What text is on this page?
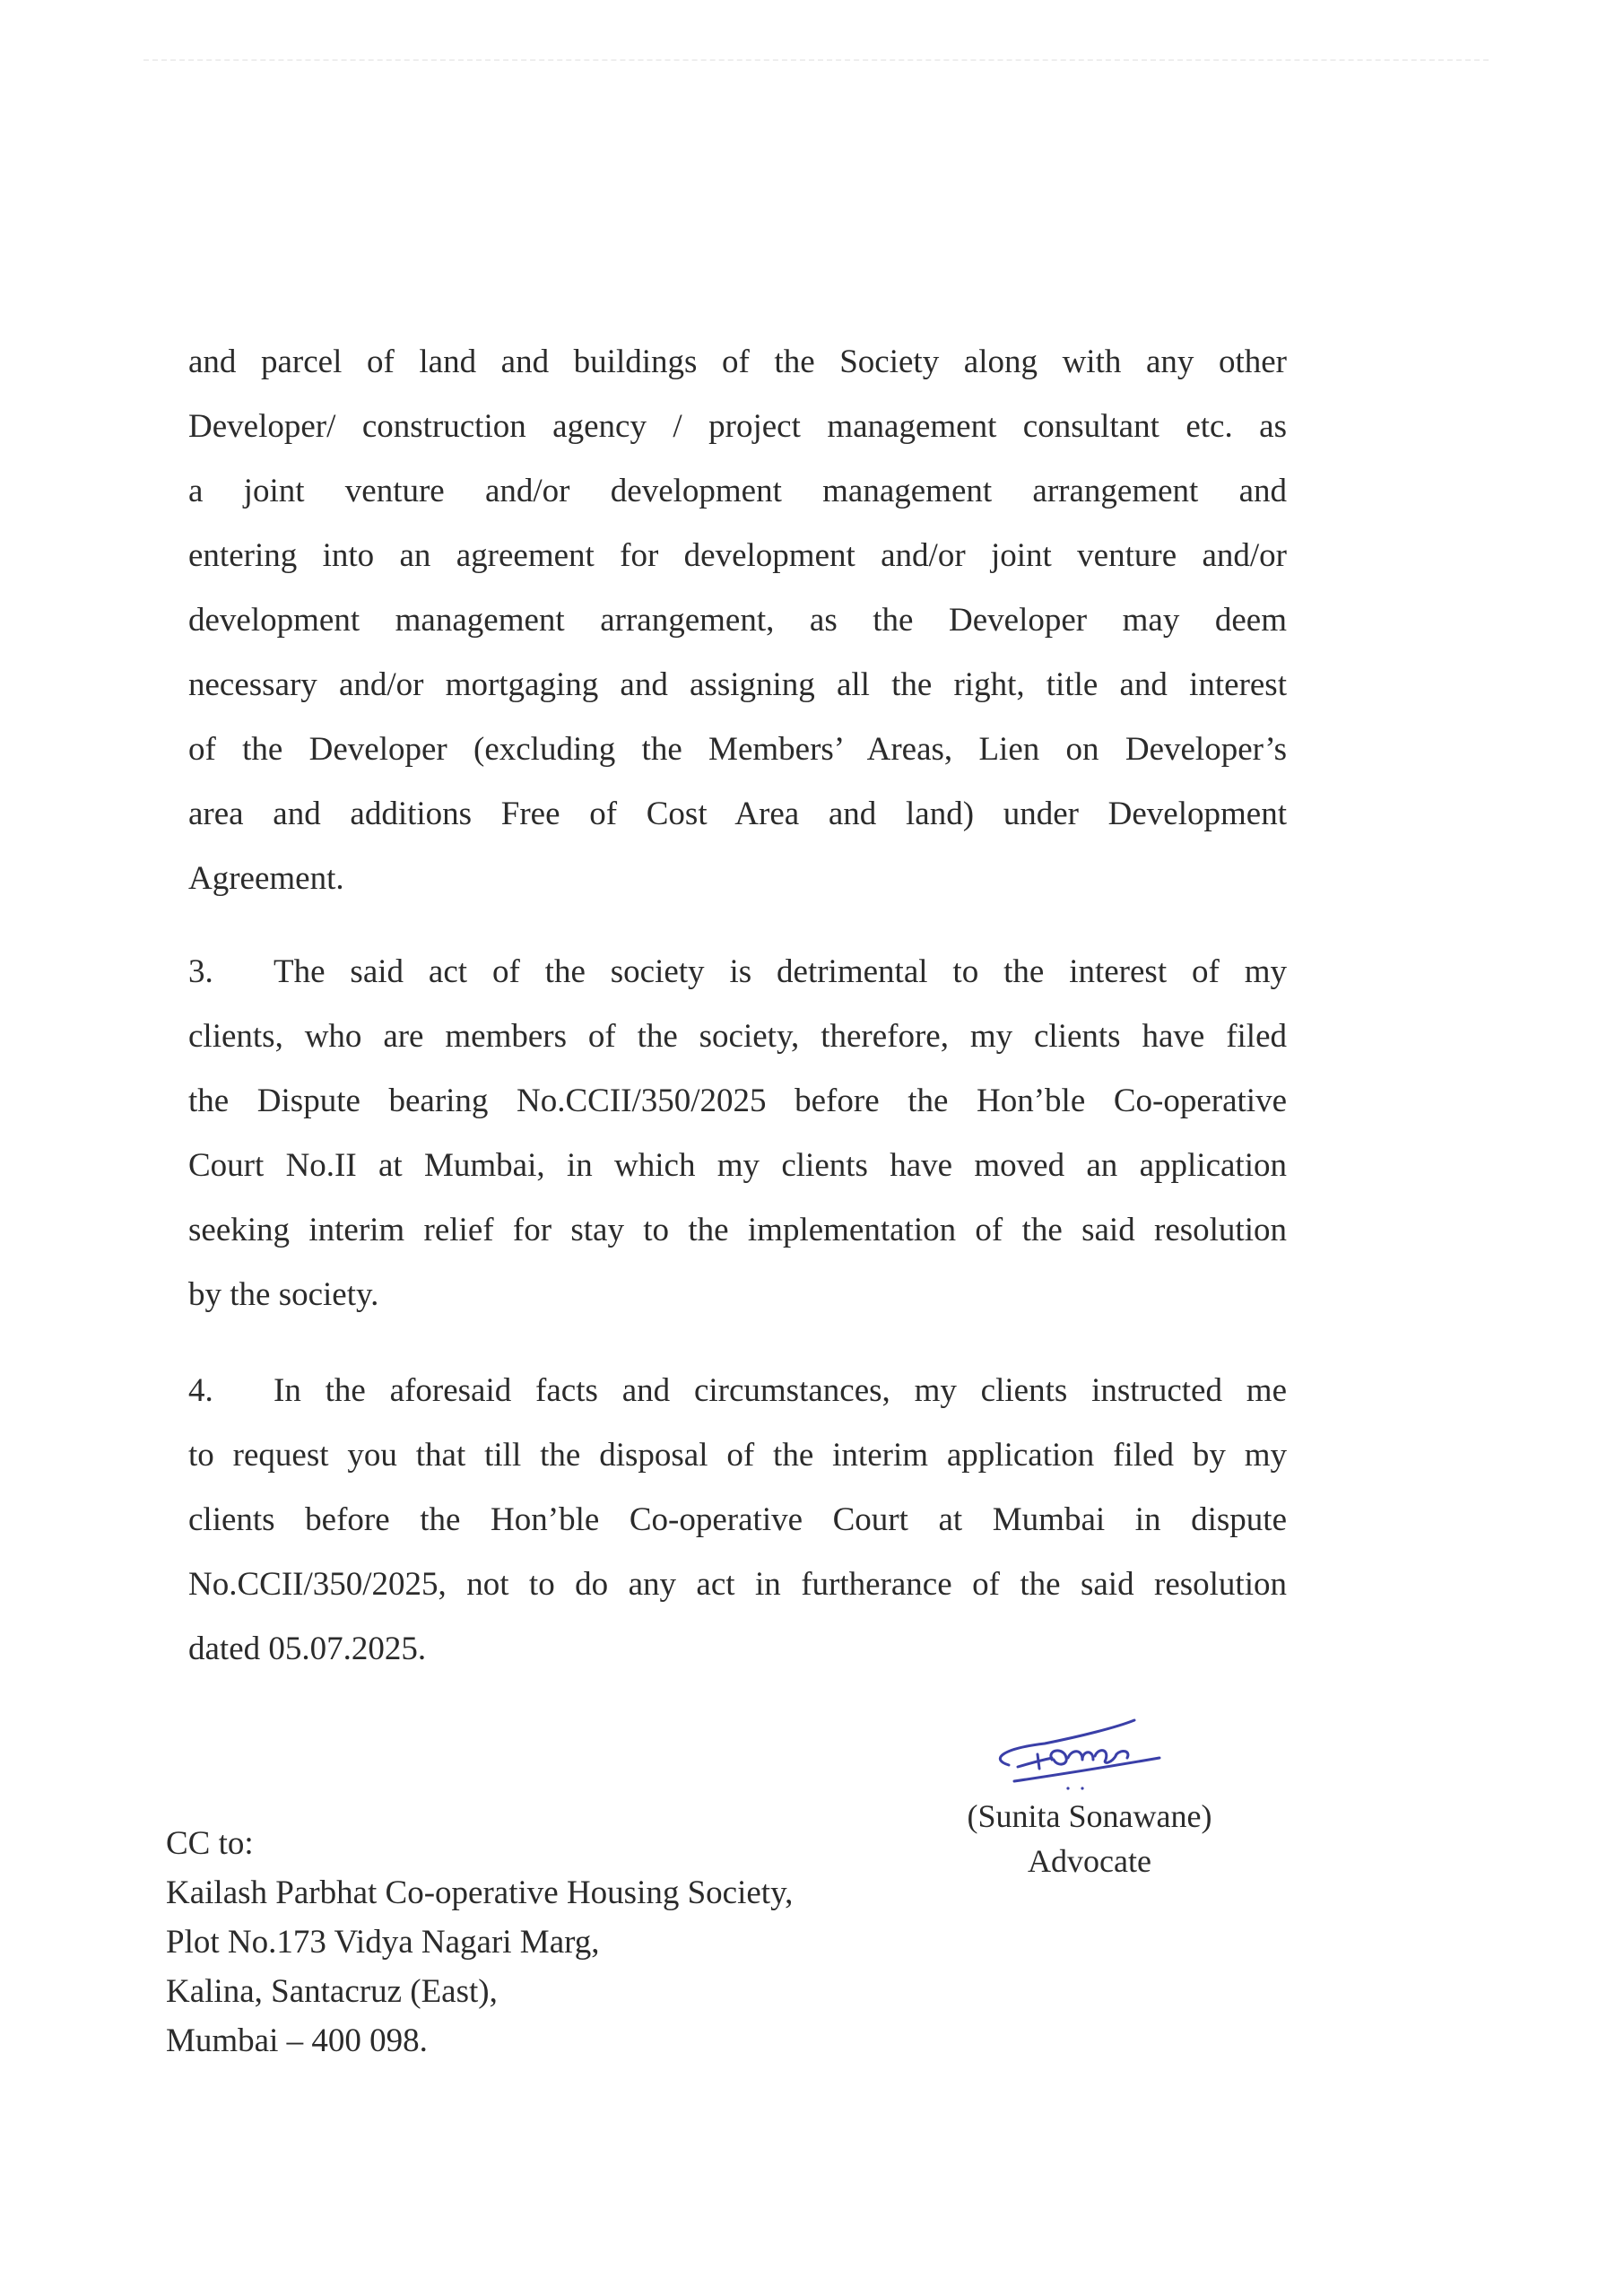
and parcel of land and buildings of the Society along with any other
Developer/ construction agency / project management consultant etc. as
a joint venture and/or development management arrangement and
entering into an agreement for development and/or joint venture and/or
development management arrangement, as the Developer may deem
necessary and/or mortgaging and assigning all the right, title and interest
of the Developer (excluding the Members’ Areas, Lien on Developer’s
area and additions Free of Cost Area and land) under Development
Agreement.
3. The said act of the society is detrimental to the interest of my
clients, who are members of the society, therefore, my clients have filed
the Dispute bearing No.CCII/350/2025 before the Hon’ble Co-operative
Court No.II at Mumbai, in which my clients have moved an application
seeking interim relief for stay to the implementation of the said resolution
by the society.
4. In the aforesaid facts and circumstances, my clients instructed me
to request you that till the disposal of the interim application filed by my
clients before the Hon’ble Co-operative Court at Mumbai in dispute
No.CCII/350/2025, not to do any act in furtherance of the said resolution
dated 05.07.2025.
(Sunita Sonawane)
Advocate
CC to:
Kailash Parbhat Co-operative Housing Society,
Plot No.173 Vidya Nagari Marg,
Kalina, Santacruz (East),
Mumbai – 400 098.
